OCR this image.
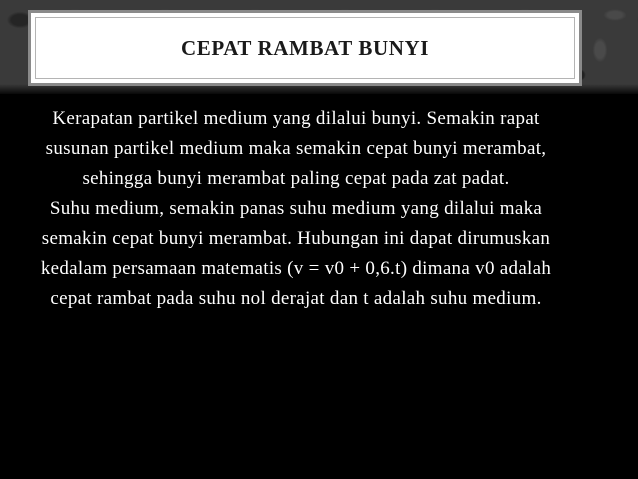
CEPAT RAMBAT BUNYI

Kerapatan partikel medium yang dilalui bunyi. Semakin rapat susunan partikel medium maka semakin cepat bunyi merambat, sehingga bunyi merambat paling cepat pada zat padat.

Suhu medium, semakin panas suhu medium yang dilalui maka semakin cepat bunyi merambat. Hubungan ini dapat dirumuskan kedalam persamaan matematis (v = v0 + 0,6.t) dimana v0 adalah cepat rambat pada suhu nol derajat dan t adalah suhu medium.
